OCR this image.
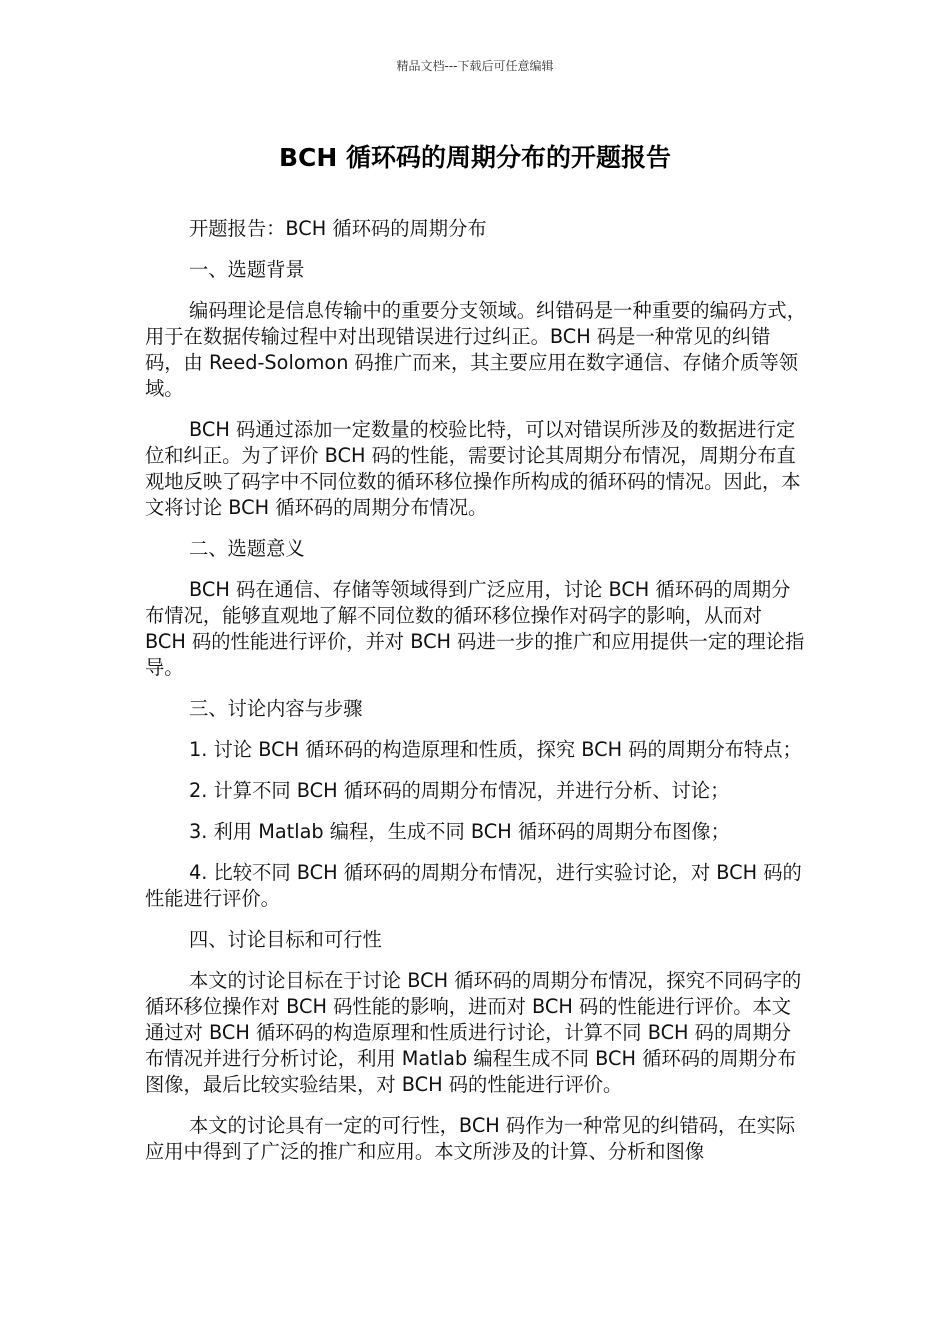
精品文档---下载后可任意编辑
BCH 循环码的周期分布的开题报告

开题报告：BCH 循环码的周期分布

一、选题背景

编码理论是信息传输中的重要分支领域。纠错码是一种重要的编码方式，用于在数据传输过程中对出现错误进行过纠正。BCH 码是一种常见的纠错码，由 Reed-Solomon 码推广而来，其主要应用在数字通信、存储介质等领域。

BCH 码通过添加一定数量的校验比特，可以对错误所涉及的数据进行定位和纠正。为了评价 BCH 码的性能，需要讨论其周期分布情况，周期分布直观地反映了码字中不同位数的循环移位操作所构成的循环码的情况。因此，本文将讨论 BCH 循环码的周期分布情况。

二、选题意义

BCH 码在通信、存储等领域得到广泛应用，讨论 BCH 循环码的周期分布情况，能够直观地了解不同位数的循环移位操作对码字的影响，从而对 BCH 码的性能进行评价，并对 BCH 码进一步的推广和应用提供一定的理论指导。

三、讨论内容与步骤

1. 讨论 BCH 循环码的构造原理和性质，探究 BCH 码的周期分布特点；

2. 计算不同 BCH 循环码的周期分布情况，并进行分析、讨论；

3. 利用 Matlab 编程，生成不同 BCH 循环码的周期分布图像；

4. 比较不同 BCH 循环码的周期分布情况，进行实验讨论，对 BCH 码的性能进行评价。

四、讨论目标和可行性

本文的讨论目标在于讨论 BCH 循环码的周期分布情况，探究不同码字的循环移位操作对 BCH 码性能的影响，进而对 BCH 码的性能进行评价。本文通过对 BCH 循环码的构造原理和性质进行讨论，计算不同 BCH 码的周期分布情况并进行分析讨论，利用 Matlab 编程生成不同 BCH 循环码的周期分布图像，最后比较实验结果，对 BCH 码的性能进行评价。

本文的讨论具有一定的可行性，BCH 码作为一种常见的纠错码，在实际应用中得到了广泛的推广和应用。本文所涉及的计算、分析和图像
